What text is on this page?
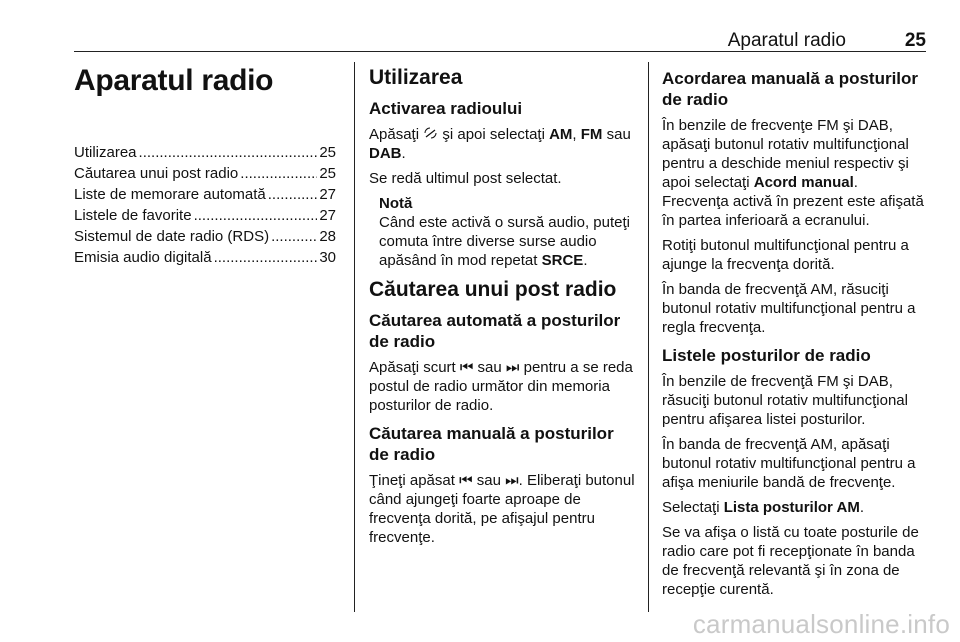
Aparatul radio	25
Aparatul radio
Utilizarea .....	25
Căutarea unui post radio .....	25
Liste de memorare automată .....	27
Listele de favorite .....	27
Sistemul de date radio (RDS) .....	28
Emisia audio digitală .....	30
Utilizarea
Activarea radioului

Apăsaţi  şi apoi selectaţi AM, FM sau DAB.

Se redă ultimul post selectat.

Notă

Când este activă o sursă audio, puteţi comuta între diverse surse audio apăsând în mod repetat SRCE.

Căutarea unui post radio
Căutarea automată a posturilor de radio

Apăsaţi scurt ⏮ sau ⏭ pentru a se reda postul de radio următor din memoria posturilor de radio.

Căutarea manuală a posturilor de radio

Ţineţi apăsat ⏮ sau ⏭. Eliberaţi butonul când ajungeţi foarte aproape de frecvenţa dorită, pe afişajul pentru frecvenţe.

Acordarea manuală a posturilor de radio

În benzile de frecvenţe FM şi DAB, apăsaţi butonul rotativ multifuncţional pentru a deschide meniul respectiv şi apoi selectaţi Acord manual.
Frecvenţa activă în prezent este afişată în partea inferioară a ecranului.

Rotiţi butonul multifuncţional pentru a ajunge la frecvenţa dorită.

În banda de frecvenţă AM, răsuciţi butonul rotativ multifuncţional pentru a regla frecvenţa.

Listele posturilor de radio

În benzile de frecvenţă FM şi DAB, răsuciţi butonul rotativ multifuncţional pentru afişarea listei posturilor.

În banda de frecvenţă AM, apăsaţi butonul rotativ multifuncţional pentru a afişa meniurile bandă de frecvenţe.

Selectaţi Lista posturilor AM.

Se va afişa o listă cu toate posturile de radio care pot fi recepţionate în banda de frecvenţă relevantă şi în zona de recepţie curentă.

carmanualsonline.info
